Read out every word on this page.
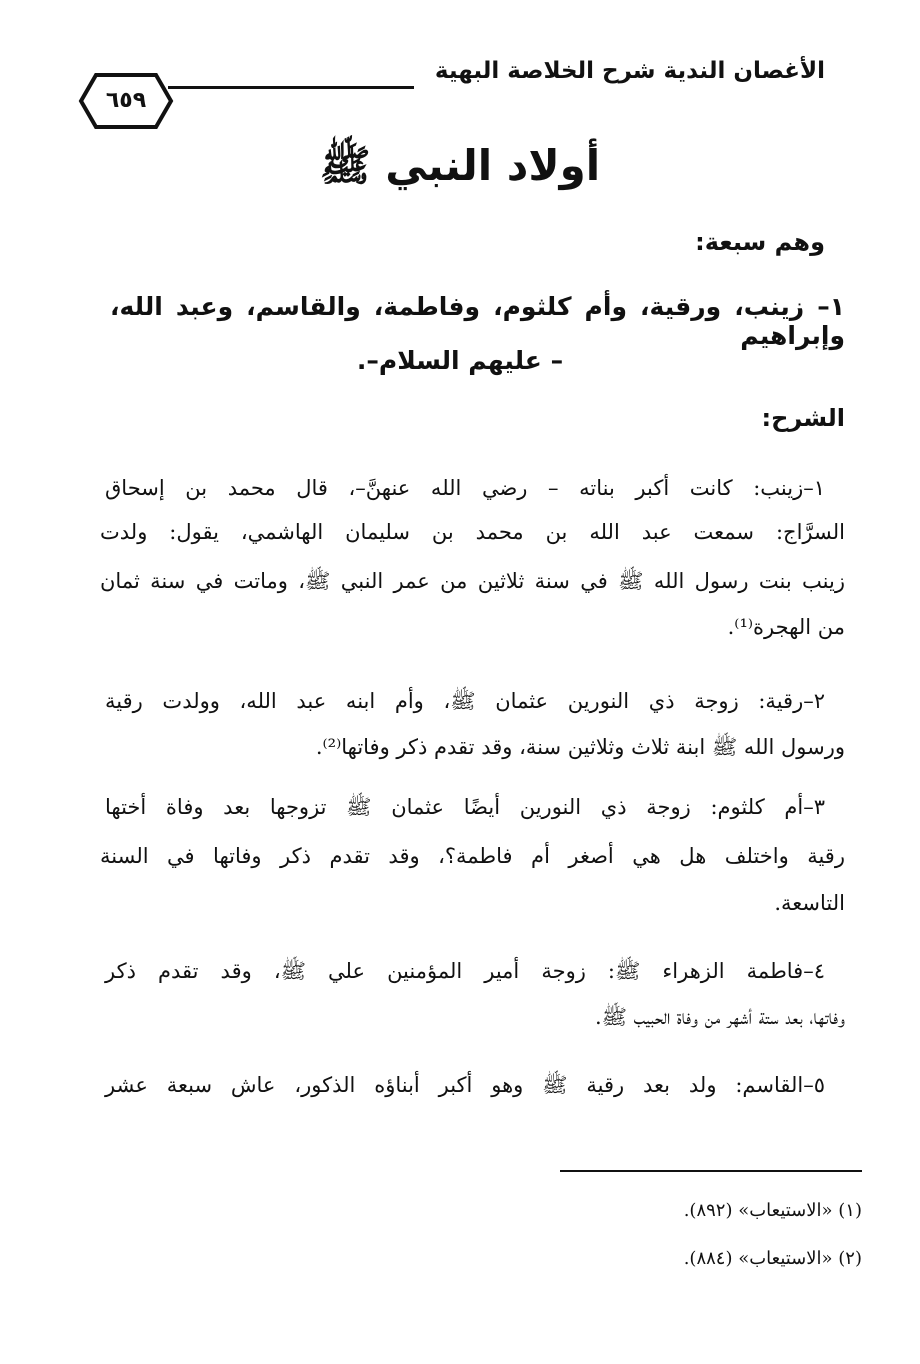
الأغصان الندية شرح الخلاصة البهية
٦٥٩
أولاد النبي ﷺ
وهم سبعة:
١– زينب، ورقية، وأم كلثوم، وفاطمة، والقاسم، وعبد الله، وإبراهيم
– عليهم السلام–.
الشرح:
١–زينب: كانت أكبر بناته – رضي الله عنهنَّ–، قال محمد بن إسحاق
السرَّاج: سمعت عبد الله بن محمد بن سليمان الهاشمي، يقول: ولدت
زينب بنت رسول الله ﷺ في سنة ثلاثين من عمر النبي ﷺ، وماتت في سنة ثمان
من الهجرة⁽¹⁾.
٢–رقية: زوجة ذي النورين عثمان ﷺ، وأم ابنه عبد الله، وولدت رقية
ورسول الله ﷺ ابنة ثلاث وثلاثين سنة، وقد تقدم ذكر وفاتها⁽²⁾.
٣–أم كلثوم: زوجة ذي النورين أيضًا عثمان ﷺ تزوجها بعد وفاة أختها
رقية واختلف هل هي أصغر أم فاطمة؟، وقد تقدم ذكر وفاتها في السنة
التاسعة.
٤–فاطمة الزهراء ﷺ: زوجة أمير المؤمنين علي ﷺ، وقد تقدم ذكر
وفاتها، بعد ستة أشهر من وفاة الحبيب ﷺ.
٥–القاسم: ولد بعد رقية ﷺ وهو أكبر أبناؤه الذكور، عاش سبعة عشر
(١) «الاستيعاب» (٨٩٢).
(٢) «الاستيعاب» (٨٨٤).
